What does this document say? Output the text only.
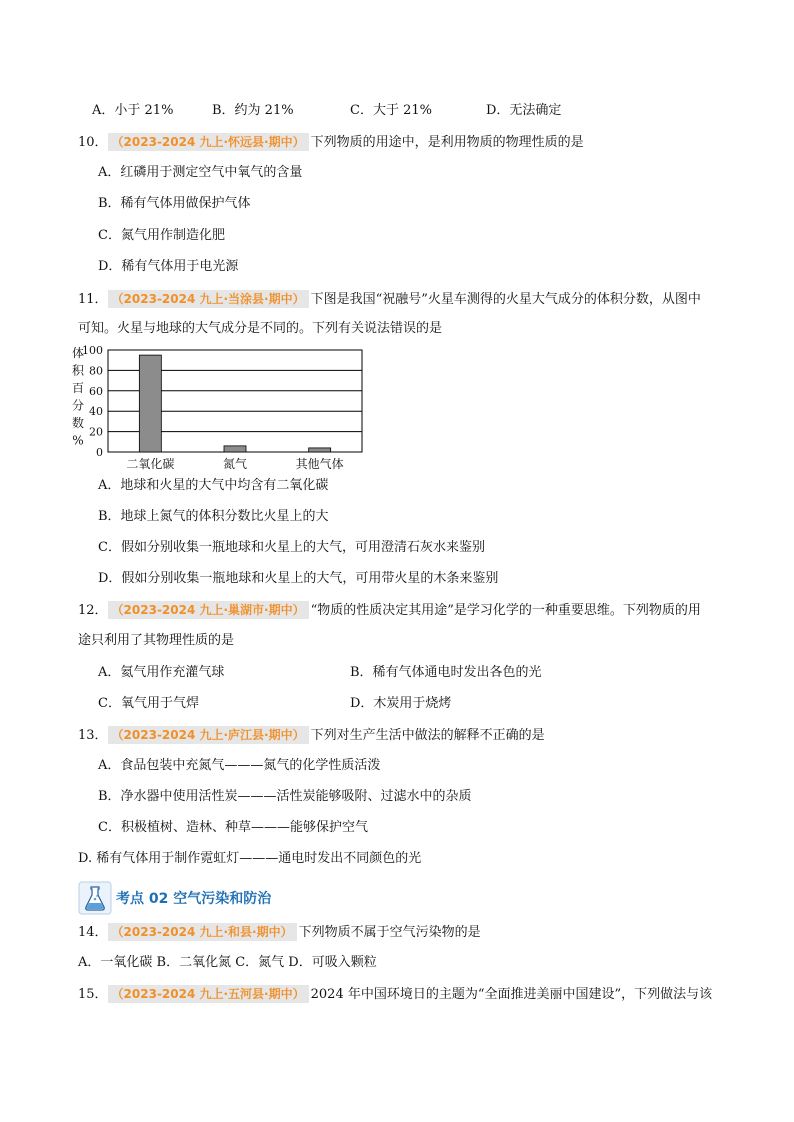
A．小于 21%	B．约为 21%	C．大于 21%	D．无法确定
10． （2023-2024 九上·怀远县·期中） 下列物质的用途中，是利用物质的物理性质的是
A．红磷用于测定空气中氧气的含量
B．稀有气体用做保护气体
C．氮气用作制造化肥
D．稀有气体用于电光源
11． （2023-2024 九上·当涂县·期中） 下图是我国“祝融号”火星车测得的火星大气成分的体积分数，从图中
可知。火星与地球的大气成分是不同的。下列有关说法错误的是
体
积
百
分
数
%
0
20
40
60
80
100
二氧化碳	氮气	其他气体
A．地球和火星的大气中均含有二氧化碳
B．地球上氮气的体积分数比火星上的大
C．假如分别收集一瓶地球和火星上的大气，可用澄清石灰水来鉴别
D．假如分别收集一瓶地球和火星上的大气，可用带火星的木条来鉴别
12． （2023-2024 九上·巢湖市·期中） “物质的性质决定其用途”是学习化学的一种重要思维。下列物质的用
途只利用了其物理性质的是
A．氦气用作充灌气球	B．稀有气体通电时发出各色的光
C．氧气用于气焊	D．木炭用于烧烤
13． （2023-2024 九上·庐江县·期中） 下列对生产生活中做法的解释不正确的是
A．食品包装中充氮气———氮气的化学性质活泼
B．净水器中使用活性炭———活性炭能够吸附、过滤水中的杂质
C．积极植树、造林、种草———能够保护空气
D. 稀有气体用于制作霓虹灯———通电时发出不同颜色的光
考点 02 空气污染和防治
14． （2023-2024 九上·和县·期中） 下列物质不属于空气污染物的是
A．一氧化碳 B．二氧化氮 C．氮气 D．可吸入颗粒
15． （2023-2024 九上·五河县·期中） 2024 年中国环境日的主题为“全面推进美丽中国建设”，下列做法与该
